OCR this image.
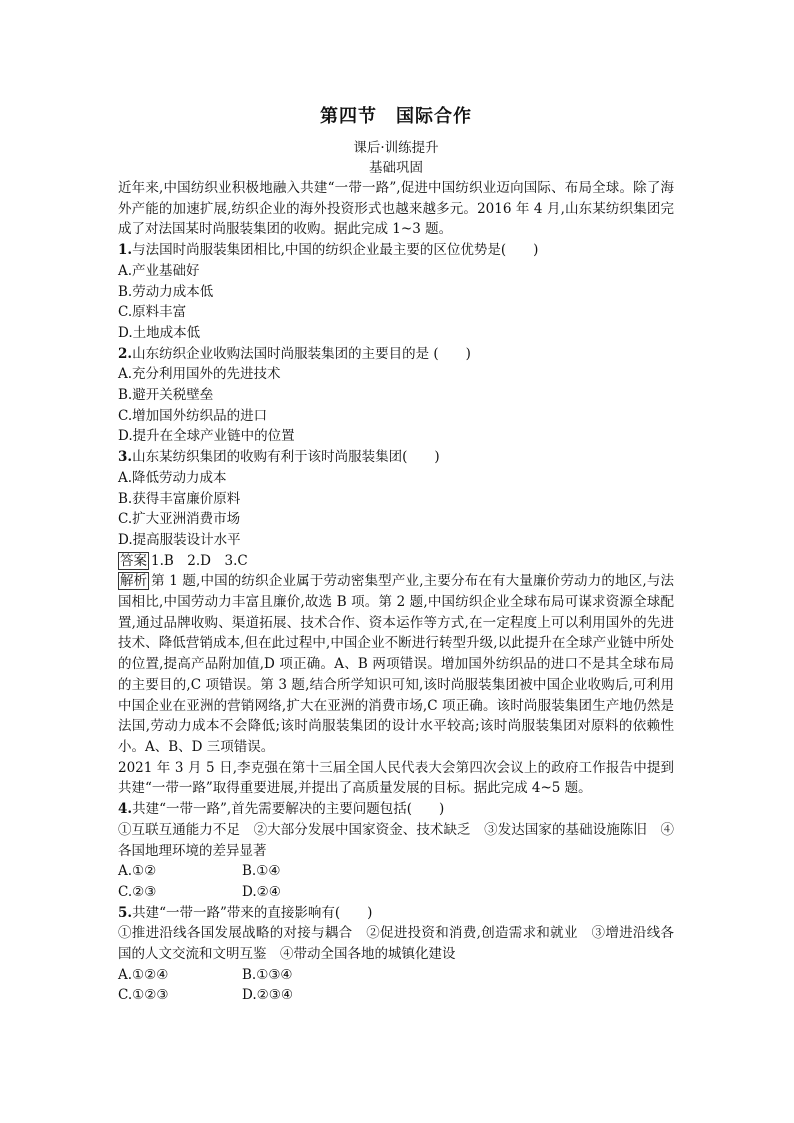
第四节　国际合作
课后·训练提升
基础巩固

近年来,中国纺织业积极地融入共建“一带一路”,促进中国纺织业迈向国际、布局全球。除了海外产能的加速扩展,纺织企业的海外投资形式也越来越多元。2016 年 4 月,山东某纺织集团完成了对法国某时尚服装集团的收购。据此完成 1~3 题。

1.与法国时尚服装集团相比,中国的纺织企业最主要的区位优势是(　　)
A.产业基础好
B.劳动力成本低
C.原料丰富
D.土地成本低
2.山东纺织企业收购法国时尚服装集团的主要目的是 (　　)
A.充分利用国外的先进技术
B.避开关税壁垒
C.增加国外纺织品的进口
D.提升在全球产业链中的位置
3.山东某纺织集团的收购有利于该时尚服装集团(　　)
A.降低劳动力成本
B.获得丰富廉价原料
C.扩大亚洲消费市场
D.提高服装设计水平
答案 1.B　2.D　3.C

解析 第 1 题,中国的纺织企业属于劳动密集型产业,主要分布在有大量廉价劳动力的地区,与法国相比,中国劳动力丰富且廉价,故选 B 项。第 2 题,中国纺织企业全球布局可谋求资源全球配置,通过品牌收购、渠道拓展、技术合作、资本运作等方式,在一定程度上可以利用国外的先进技术、降低营销成本,但在此过程中,中国企业不断进行转型升级,以此提升在全球产业链中所处的位置,提高产品附加值,D 项正确。A、B 两项错误。增加国外纺织品的进口不是其全球布局的主要目的,C 项错误。第 3 题,结合所学知识可知,该时尚服装集团被中国企业收购后,可利用中国企业在亚洲的营销网络,扩大在亚洲的消费市场,C 项正确。该时尚服装集团生产地仍然是法国,劳动力成本不会降低;该时尚服装集团的设计水平较高;该时尚服装集团对原料的依赖性小。A、B、D 三项错误。

2021 年 3 月 5 日,李克强在第十三届全国人民代表大会第四次会议上的政府工作报告中提到共建“一带一路”取得重要进展,并提出了高质量发展的目标。据此完成 4~5 题。

4.共建“一带一路”,首先需要解决的主要问题包括(　　)

①互联互通能力不足　②大部分发展中国家资金、技术缺乏　③发达国家的基础设施陈旧　④各国地理环境的差异显著

A.①②	B.①④
C.②③	D.②④
5.共建“一带一路”带来的直接影响有(　　)

①推进沿线各国发展战略的对接与耦合　②促进投资和消费,创造需求和就业　③增进沿线各国的人文交流和文明互鉴　④带动全国各地的城镇化建设

A.①②④	B.①③④
C.①②③	D.②③④
